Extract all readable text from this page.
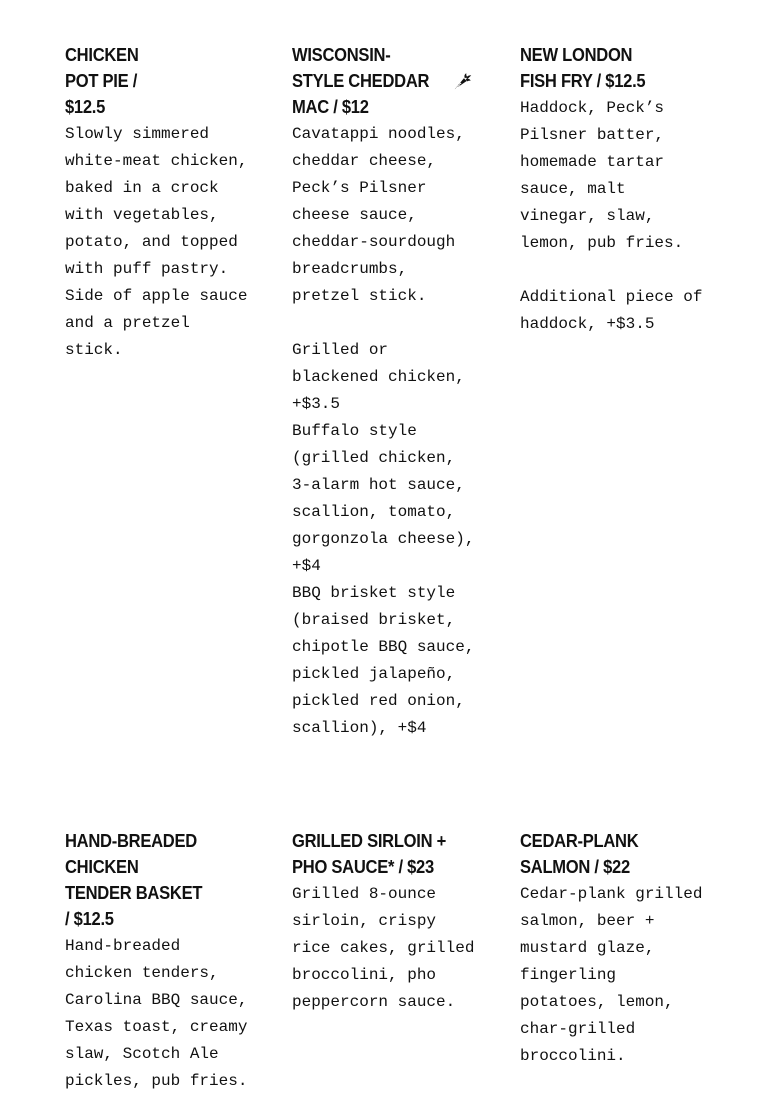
CHICKEN POT PIE / $12.5

Slowly simmered white-meat chicken, baked in a crock with vegetables, potato, and topped with puff pastry. Side of apple sauce and a pretzel stick.

WISCONSIN-STYLE CHEDDAR MAC / $12

Cavatappi noodles, cheddar cheese, Peck’s Pilsner cheese sauce, cheddar-sourdough breadcrumbs, pretzel stick.

Grilled or blackened chicken, +$3.5

Buffalo style (grilled chicken, 3-alarm hot sauce, scallion, tomato, gorgonzola cheese), +$4

BBQ brisket style (braised brisket, chipotle BBQ sauce, pickled jalapeño, pickled red onion, scallion), +$4

NEW LONDON FISH FRY / $12.5

Haddock, Peck’s Pilsner batter, homemade tartar sauce, malt vinegar, slaw, lemon, pub fries.

Additional piece of haddock, +$3.5

HAND-BREADED CHICKEN TENDER BASKET / $12.5

Hand-breaded chicken tenders, Carolina BBQ sauce, Texas toast, creamy slaw, Scotch Ale pickles, pub fries.

GRILLED SIRLOIN + PHO SAUCE* / $23

Grilled 8-ounce sirloin, crispy rice cakes, grilled broccolini, pho peppercorn sauce.

CEDAR-PLANK SALMON / $22

Cedar-plank grilled salmon, beer + mustard glaze, fingerling potatoes, lemon, char-grilled broccolini.
